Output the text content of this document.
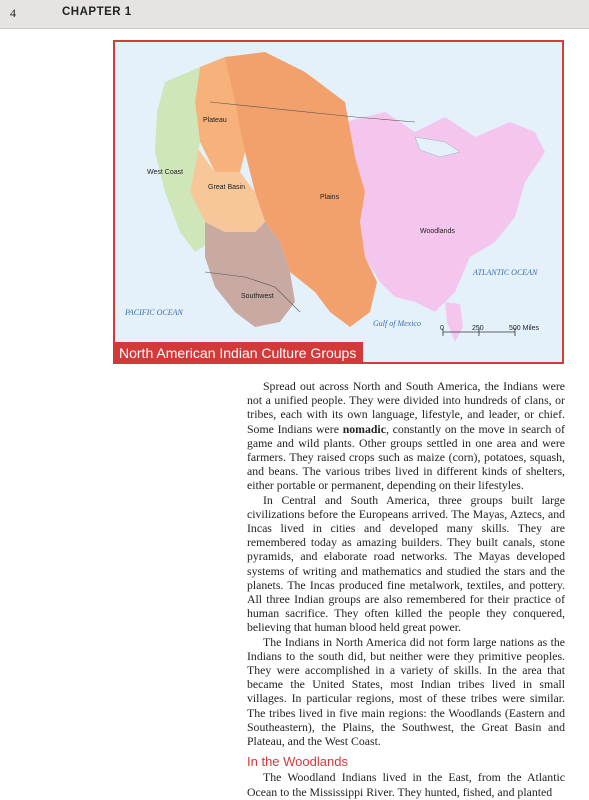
4	CHAPTER 1
0	250	500 Miles
Plateau
West Coast
Great Basin
Plains
Woodlands
Southwest
PACIFIC OCEAN
ATLANTIC OCEAN
Gulf of Mexico
North American Indian Culture Groups

Spread out across North and South America, the Indians were not a unified people. They were divided into hundreds of clans, or tribes, each with its own language, lifestyle, and leader, or chief. Some Indians were nomadic, constantly on the move in search of game and wild plants. Other groups settled in one area and were farmers. They raised crops such as maize (corn), potatoes, squash, and beans. The various tribes lived in different kinds of shelters, either portable or permanent, depending on their lifestyles.

In Central and South America, three groups built large civilizations before the Europeans arrived. The Mayas, Aztecs, and Incas lived in cities and developed many skills. They are remembered today as amazing builders. They built canals, stone pyramids, and elaborate road networks. The Mayas developed systems of writing and mathematics and studied the stars and the planets. The Incas produced fine metalwork, textiles, and pottery. All three Indian groups are also remembered for their practice of human sacrifice. They often killed the people they conquered, believing that human blood held great power.

The Indians in North America did not form large nations as the Indians to the south did, but neither were they primitive peoples. They were accomplished in a variety of skills. In the area that became the United States, most Indian tribes lived in small villages. In particular regions, most of these tribes were similar. The tribes lived in five main regions: the Woodlands (Eastern and Southeastern), the Plains, the Southwest, the Great Basin and Plateau, and the West Coast.

In the Woodlands

The Woodland Indians lived in the East, from the Atlantic Ocean to the Mississippi River. They hunted, fished, and planted
